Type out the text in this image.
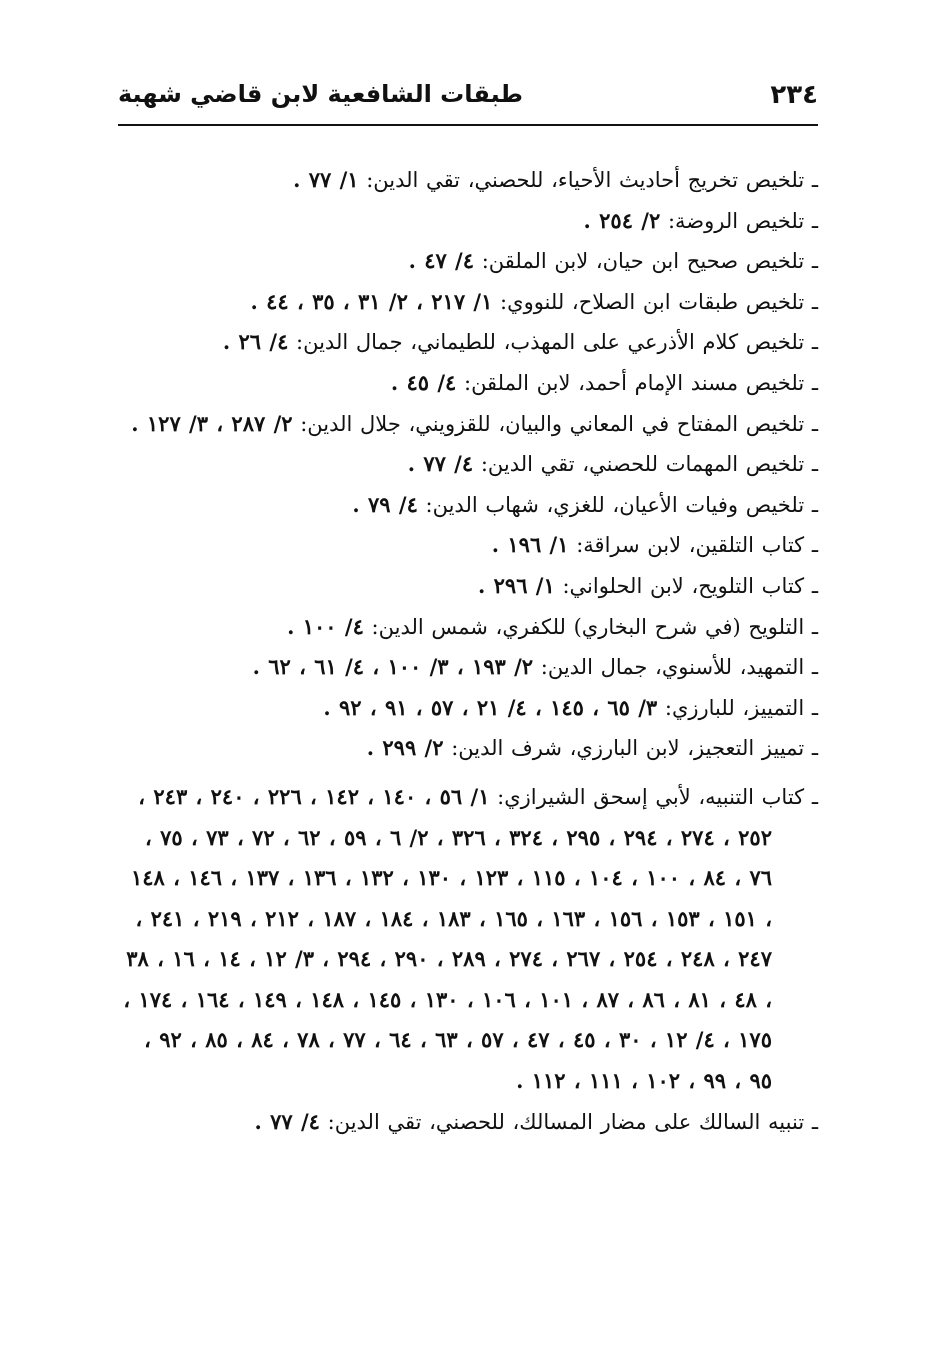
٢٣٤
طبقات الشافعية لابن قاضي شهبة

ـ تلخيص تخريج أحاديث الأحياء، للحصني، تقي الدين: ١/ ٧٧ .

ـ تلخيص الروضة: ٢/ ٢٥٤ .

ـ تلخيص صحيح ابن حيان، لابن الملقن: ٤/ ٤٧ .

ـ تلخيص طبقات ابن الصلاح، للنووي: ١/ ٢١٧ ، ٢/ ٣١ ، ٣٥ ، ٤٤ .

ـ تلخيص كلام الأذرعي على المهذب، للطيماني، جمال الدين: ٤/ ٢٦ .

ـ تلخيص مسند الإمام أحمد، لابن الملقن: ٤/ ٤٥ .

ـ تلخيص المفتاح في المعاني والبيان، للقزويني، جلال الدين: ٢/ ٢٨٧ ، ٣/ ١٢٧ .

ـ تلخيص المهمات للحصني، تقي الدين: ٤/ ٧٧ .

ـ تلخيص وفيات الأعيان، للغزي، شهاب الدين: ٤/ ٧٩ .

ـ كتاب التلقين، لابن سراقة: ١/ ١٩٦ .

ـ كتاب التلويح، لابن الحلواني: ١/ ٢٩٦ .

ـ التلويح (في شرح البخاري) للكفري، شمس الدين: ٤/ ١٠٠ .

ـ التمهيد، للأسنوي، جمال الدين: ٢/ ١٩٣ ، ٣/ ١٠٠ ، ٤/ ٦١ ، ٦٢ .

ـ التمييز، للبارزي: ٣/ ٦٥ ، ١٤٥ ، ٤/ ٢١ ، ٥٧ ، ٩١ ، ٩٢ .

ـ تمييز التعجيز، لابن البارزي، شرف الدين: ٢/ ٢٩٩ .

ـ كتاب التنبيه، لأبي إسحق الشيرازي: ١/ ٥٦ ، ١٤٠ ، ١٤٢ ، ٢٢٦ ، ٢٤٠ ، ٢٤٣ ، ٢٥٢ ، ٢٧٤ ، ٢٩٤ ، ٢٩٥ ، ٣٢٤ ، ٣٢٦ ، ٢/ ٦ ، ٥٩ ، ٦٢ ، ٧٢ ، ٧٣ ، ٧٥ ، ٧٦ ، ٨٤ ، ١٠٠ ، ١٠٤ ، ١١٥ ، ١٢٣ ، ١٣٠ ، ١٣٢ ، ١٣٦ ، ١٣٧ ، ١٤٦ ، ١٤٨ ، ١٥١ ، ١٥٣ ، ١٥٦ ، ١٦٣ ، ١٦٥ ، ١٨٣ ، ١٨٤ ، ١٨٧ ، ٢١٢ ، ٢١٩ ، ٢٤١ ، ٢٤٧ ، ٢٤٨ ، ٢٥٤ ، ٢٦٧ ، ٢٧٤ ، ٢٨٩ ، ٢٩٠ ، ٢٩٤ ، ٣/ ١٢ ، ١٤ ، ١٦ ، ٣٨ ، ٤٨ ، ٨١ ، ٨٦ ، ٨٧ ، ١٠١ ، ١٠٦ ، ١٣٠ ، ١٤٥ ، ١٤٨ ، ١٤٩ ، ١٦٤ ، ١٧٤ ، ١٧٥ ، ٤/ ١٢ ، ٣٠ ، ٤٥ ، ٤٧ ، ٥٧ ، ٦٣ ، ٦٤ ، ٧٧ ، ٧٨ ، ٨٤ ، ٨٥ ، ٩٢ ، ٩٥ ، ٩٩ ، ١٠٢ ، ١١١ ، ١١٢ .

ـ تنبيه السالك على مضار المسالك، للحصني، تقي الدين: ٤/ ٧٧ .
